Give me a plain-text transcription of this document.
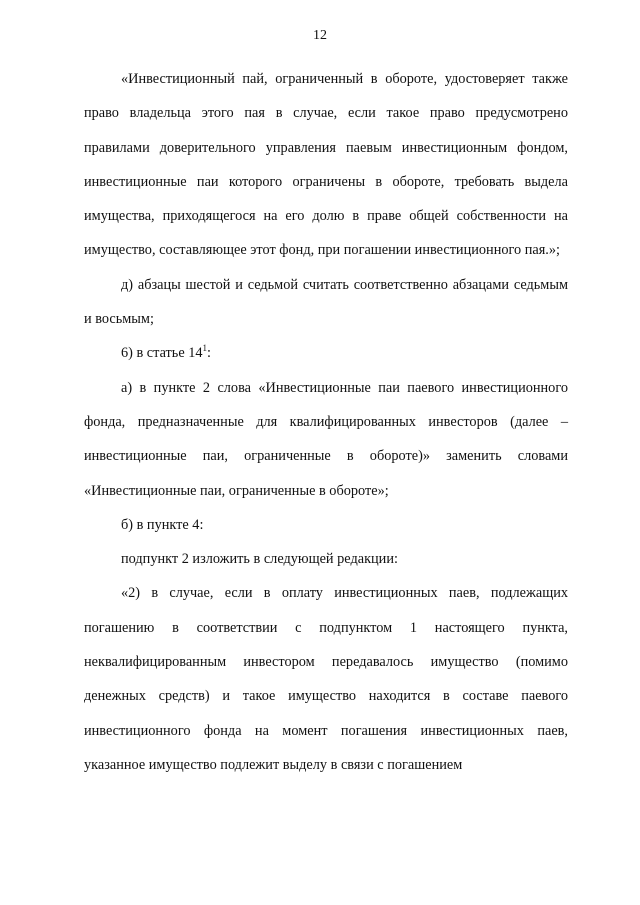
12

«Инвестиционный пай, ограниченный в обороте, удостоверяет также право владельца этого пая в случае, если такое право предусмотрено правилами доверительного управления паевым инвестиционным фондом, инвестиционные паи которого ограничены в обороте, требовать выдела имущества, приходящегося на его долю в праве общей собственности на имущество, составляющее этот фонд, при погашении инвестиционного пая.»;

д) абзацы шестой и седьмой считать соответственно абзацами седьмым и восьмым;

6) в статье $14^1$:

а) в пункте 2 слова «Инвестиционные паи паевого инвестиционного фонда, предназначенные для квалифицированных инвесторов (далее – инвестиционные паи, ограниченные в обороте)» заменить словами «Инвестиционные паи, ограниченные в обороте»;

б) в пункте 4:

подпункт 2 изложить в следующей редакции:

«2) в случае, если в оплату инвестиционных паев, подлежащих погашению в соответствии с подпунктом 1 настоящего пункта, неквалифицированным инвестором передавалось имущество (помимо денежных средств) и такое имущество находится в составе паевого инвестиционного фонда на момент погашения инвестиционных паев, указанное имущество подлежит выделу в связи с погашением
